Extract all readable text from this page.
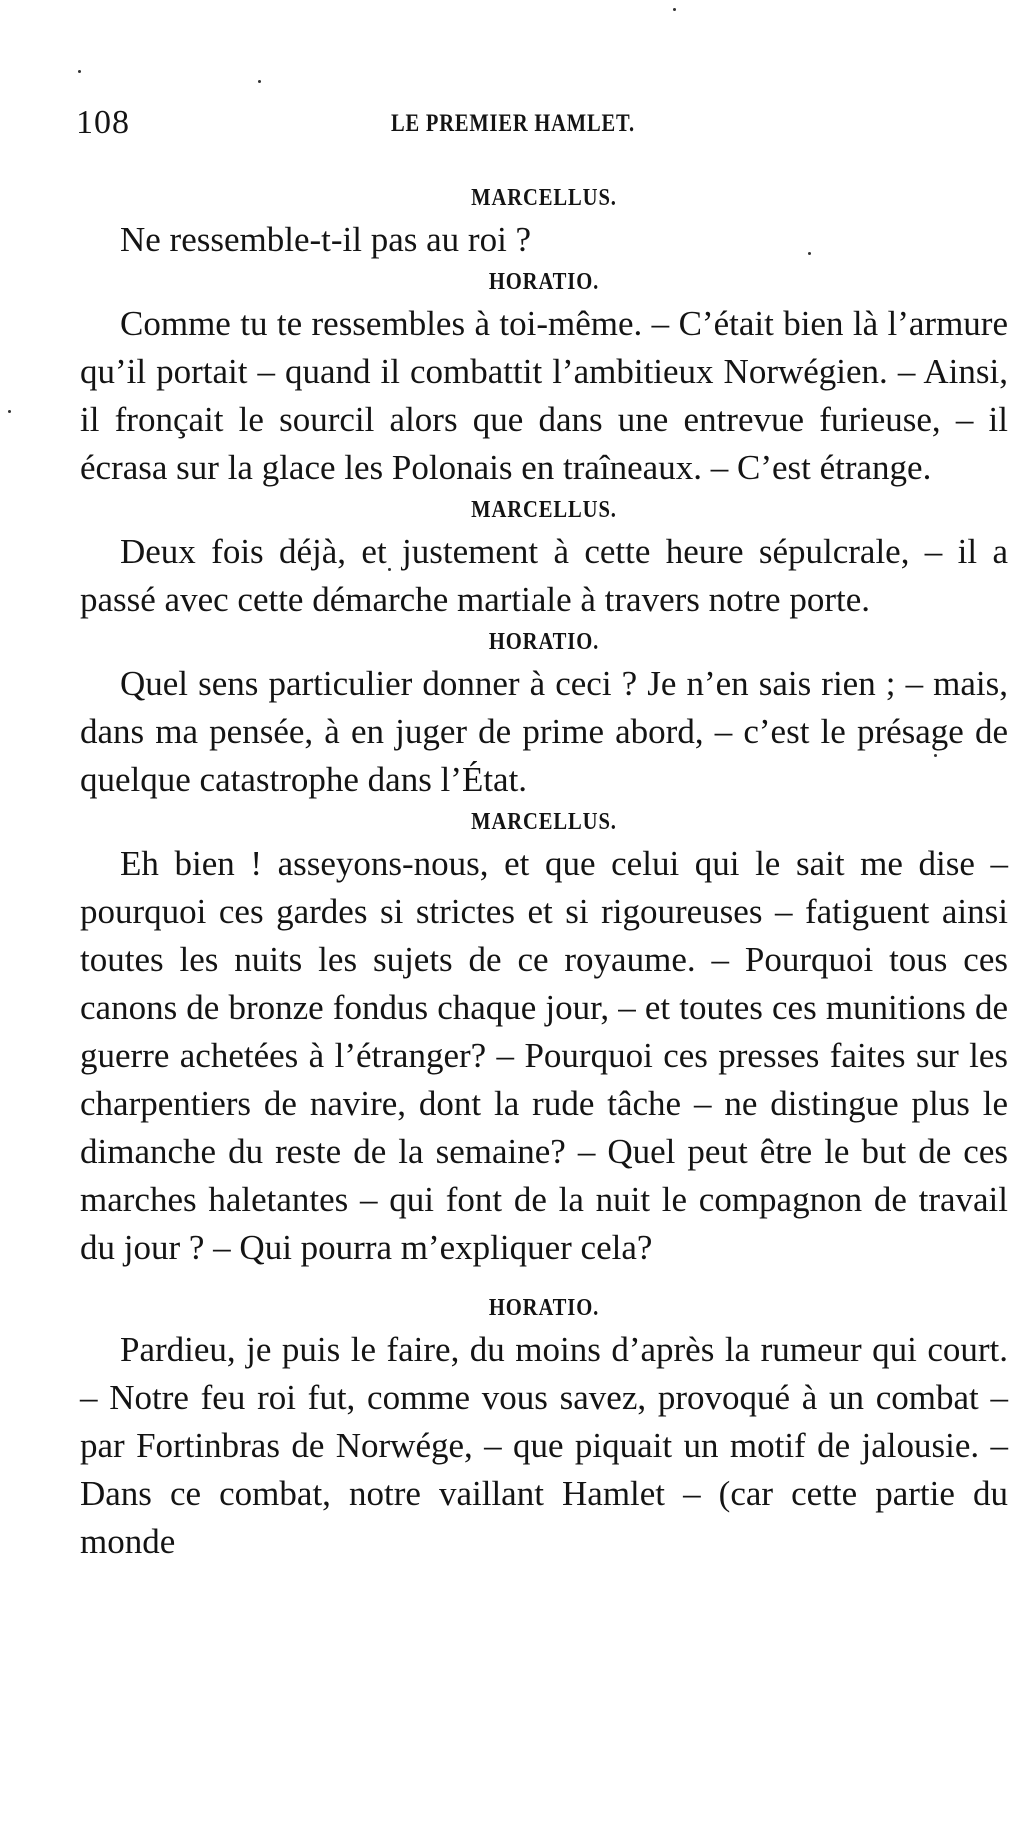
108	LE PREMIER HAMLET.
MARCELLUS.

Ne ressemble-t-il pas au roi ?

HORATIO.

Comme tu te ressembles à toi-même. – C’était bien là l’armure qu’il portait – quand il combattit l’ambitieux Norwégien. – Ainsi, il fronçait le sourcil alors que dans une entrevue furieuse, – il écrasa sur la glace les Polonais en traîneaux. – C’est étrange.

MARCELLUS.

Deux fois déjà, et justement à cette heure sépulcrale, – il a passé avec cette démarche martiale à travers notre porte.

HORATIO.

Quel sens particulier donner à ceci ? Je n’en sais rien ; – mais, dans ma pensée, à en juger de prime abord, – c’est le présage de quelque catastrophe dans l’État.

MARCELLUS.

Eh bien ! asseyons-nous, et que celui qui le sait me dise – pourquoi ces gardes si strictes et si rigoureuses – fatiguent ainsi toutes les nuits les sujets de ce royaume. – Pourquoi tous ces canons de bronze fondus chaque jour, – et toutes ces munitions de guerre achetées à l’étranger? – Pourquoi ces presses faites sur les charpentiers de navire, dont la rude tâche – ne distingue plus le dimanche du reste de la semaine? – Quel peut être le but de ces marches haletantes – qui font de la nuit le compagnon de travail du jour ? – Qui pourra m’expliquer cela?

HORATIO.

Pardieu, je puis le faire, du moins d’après la rumeur qui court. – Notre feu roi fut, comme vous savez, provoqué à un combat – par Fortinbras de Norwége, – que piquait un motif de jalousie. – Dans ce combat, notre vaillant Hamlet – (car cette partie du monde
